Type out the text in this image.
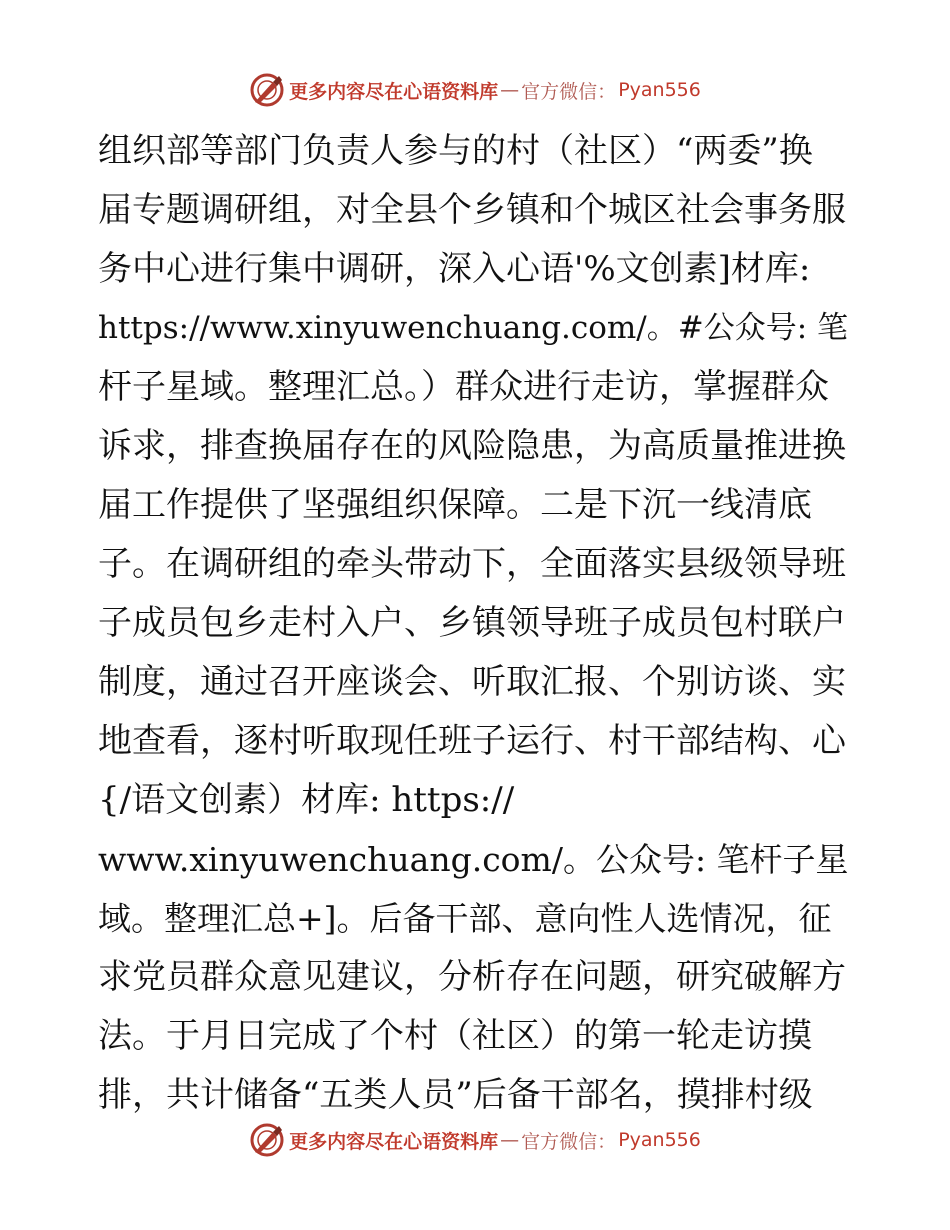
更多内容尽在心语资料库 — 官方微信： Pyan556
组织部等部门负责人参与的村（社区）“两委”换
届专题调研组，对全县个乡镇和个城区社会事务服
务中心进行集中调研，深入心语'%文创素]材库:
https://www.xinyuwenchuang.com/。#公众号: 笔
杆子星域。整理汇总。）群众进行走访，掌握群众
诉求，排查换届存在的风险隐患，为高质量推进换
届工作提供了坚强组织保障。二是下沉一线清底
子。在调研组的牵头带动下，全面落实县级领导班
子成员包乡走村入户、乡镇领导班子成员包村联户
制度，通过召开座谈会、听取汇报、个别访谈、实
地查看，逐村听取现任班子运行、村干部结构、心
{/语文创素）材库: https://
www.xinyuwenchuang.com/。公众号: 笔杆子星
域。整理汇总+]。后备干部、意向性人选情况，征
求党员群众意见建议，分析存在问题，研究破解方
法。于月日完成了个村（社区）的第一轮走访摸
排，共计储备“五类人员”后备干部名，摸排村级
更多内容尽在心语资料库 — 官方微信： Pyan556
